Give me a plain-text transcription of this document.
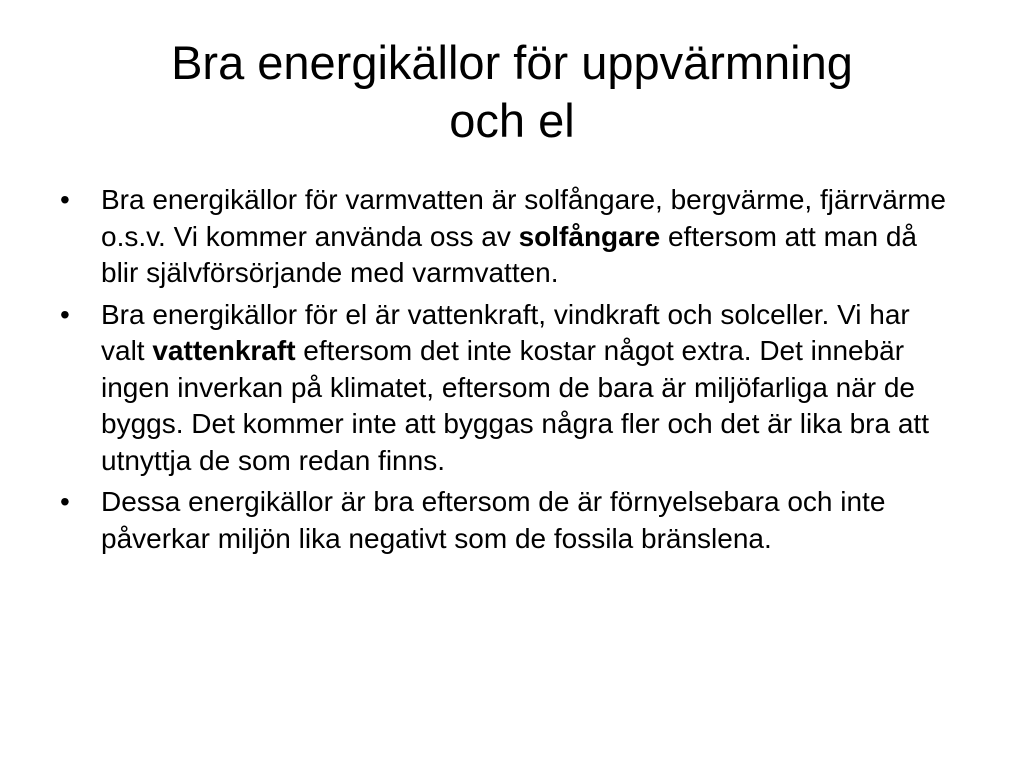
Bra energikällor för uppvärmning
och el
•	Bra energikällor för varmvatten är solfångare, bergvärme, fjärrvärme o.s.v. Vi kommer använda oss av solfångare eftersom att man då blir självförsörjande med varmvatten.
•	Bra energikällor för el är vattenkraft, vindkraft och solceller. Vi har valt vattenkraft eftersom det inte kostar något extra. Det innebär ingen inverkan på klimatet, eftersom de bara är miljöfarliga när de byggs. Det kommer inte att byggas några fler och det är lika bra att utnyttja de som redan finns.
•	Dessa energikällor är bra eftersom de är förnyelsebara och inte påverkar miljön lika negativt som de fossila bränslena.
